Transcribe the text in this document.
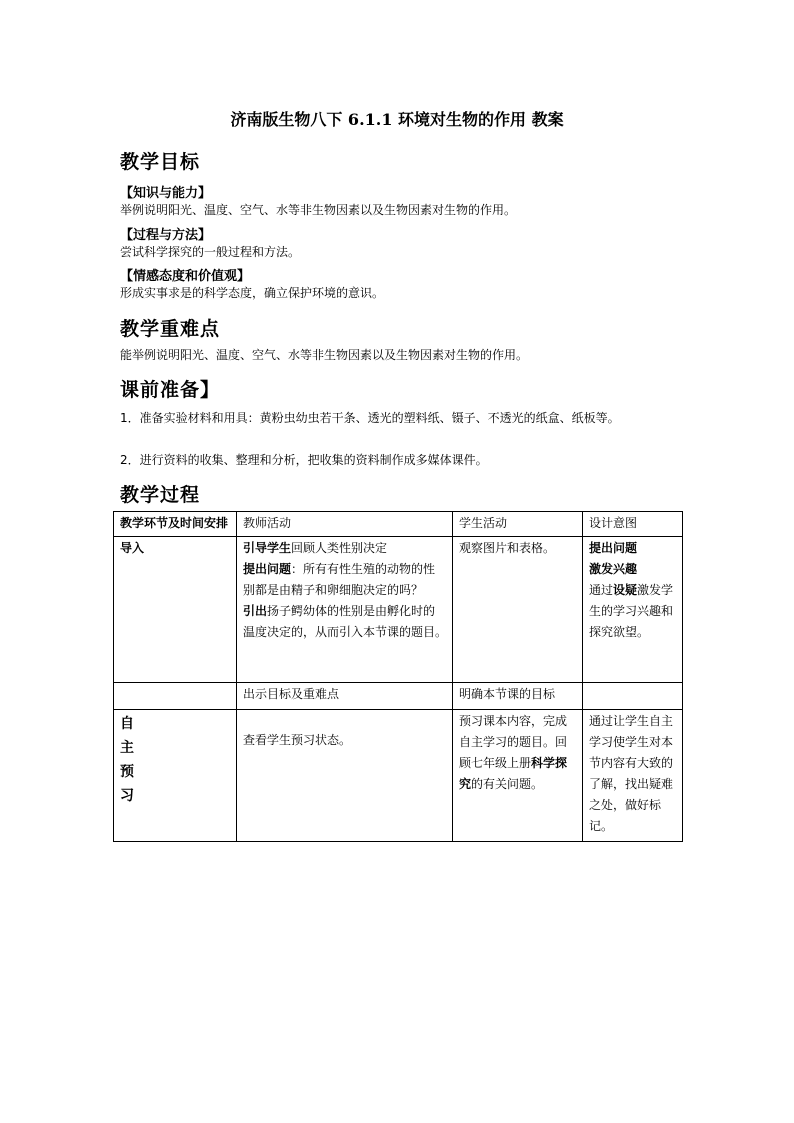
济南版生物八下 6.1.1 环境对生物的作用 教案
教学目标
【知识与能力】
举例说明阳光、温度、空气、水等非生物因素以及生物因素对生物的作用。
【过程与方法】
尝试科学探究的一般过程和方法。
【情感态度和价值观】
形成实事求是的科学态度，确立保护环境的意识。
教学重难点
能举例说明阳光、温度、空气、水等非生物因素以及生物因素对生物的作用。
课前准备】
1．准备实验材料和用具：黄粉虫幼虫若干条、透光的塑料纸、镊子、不透光的纸盒、纸板等。
2．进行资料的收集、整理和分析，把收集的资料制作成多媒体课件。
教学过程
教学环节及时间安排	教师活动	学生活动	设计意图
导入	引导学生回顾人类性别决定
提出问题：所有有性生殖的动物的性别都是由精子和卵细胞决定的吗？
引出扬子鳄幼体的性别是由孵化时的温度决定的，从而引入本节课的题目。	观察图片和表格。	提出问题
激发兴趣
通过设疑激发学生的学习兴趣和探究欲望。
	出示目标及重难点	明确本节课的目标	

自
主
预
习	查看学生预习状态。	预习课本内容，完成自主学习的题目。回顾七年级上册科学探究的有关问题。	通过让学生自主学习使学生对本节内容有大致的了解，找出疑难之处，做好标记。
